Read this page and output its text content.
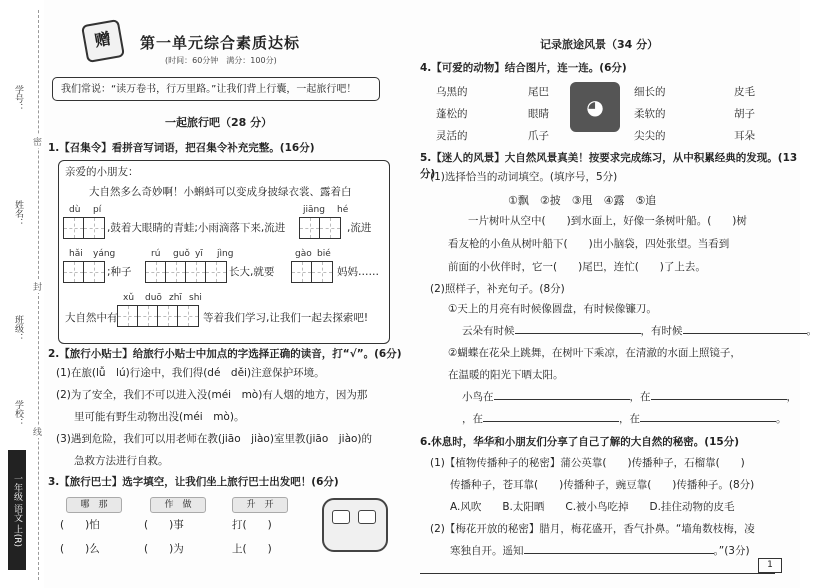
学号：
姓名：
班级：
学校：
密
封
线
一年级 语文 上(R)
赠	第一单元综合素质达标
(时间：60分钟　满分：100分)
我们常说：“读万卷书，行万里路。”让我们背上行囊，一起旅行吧！
一起旅行吧（28 分）
1.【召集令】看拼音写词语，把召集令补充完整。(16分)
亲爱的小朋友：
大自然多么奇妙啊！小蝌蚪可以变成身披绿衣裳、露着白
dù pí
,鼓着大眼睛的青蛙;小雨滴落下来,流进
jiāng hé
,流进
hǎi yáng
;种子
rú guǒ yī jìng
长大,就要
gào bié
妈妈……
大自然中有
xǔ duō zhī shi
等着我们学习,让我们一起去探索吧!
2.【旅行小贴士】给旅行小贴士中加点的字选择正确的读音，打“√”。(6分)
(1)在旅(lǚ　lú)行途中，我们得(dé　děi)注意保护环境。
(2)为了安全，我们不可以进入没(méi　mò)有人烟的地方，因为那
里可能有野生动物出没(méi　mò)。
(3)遇到危险，我们可以用老师在教(jiāo　jiào)室里教(jiāo　jiào)的
急救方法进行自救。
3.【旅行巴士】选字填空，让我们坐上旅行巴士出发吧！(6分)
哪　那	作　做	升　开
(　　)怕	(　　)事	打(　　)
(　　)么	(　　)为	上(　　)
记录旅途风景（34 分）
4.【可爱的动物】结合图片，连一连。(6分)
乌黑的
蓬松的
灵活的
尾巴
眼睛
爪子
◕
细长的
柔软的
尖尖的
皮毛
胡子
耳朵
5.【迷人的风景】大自然风景真美！按要求完成练习，从中积累经典的发现。(13分)
(1)选择恰当的动词填空。(填序号，5分)
①飘　②披　③甩　④露　⑤追
一片树叶从空中(　　)到水面上，好像一条树叶船。(　　)树
看友枪的小鱼从树叶船下(　　)出小脑袋，四处张望。当看到
前面的小伙伴时，它一(　　)尾巴，连忙(　　)了上去。
(2)照样子，补充句子。(8分)
①天上的月亮有时候像圆盘，有时候像镰刀。
云朵有时候	，有时候	。
②蝴蝶在花朵上跳舞，在树叶下乘凉，在清澈的水面上照镜子，
在温暖的阳光下晒太阳。
小鸟在	，在	，
，在	，在	。
6.休息时，华华和小朋友们分享了自己了解的大自然的秘密。(15分)
(1)【植物传播种子的秘密】蒲公英靠(　　)传播种子，石榴靠(　　)
传播种子，苍耳靠(　　)传播种子，豌豆靠(　　)传播种子。(8分)
A.风吹　　B.太阳晒　　C.被小鸟吃掉　　D.挂住动物的皮毛
(2)【梅花开放的秘密】腊月，梅花盛开，香气扑鼻。“墙角数枝梅，凌
寒独自开。遥知	。”(3分)
1
